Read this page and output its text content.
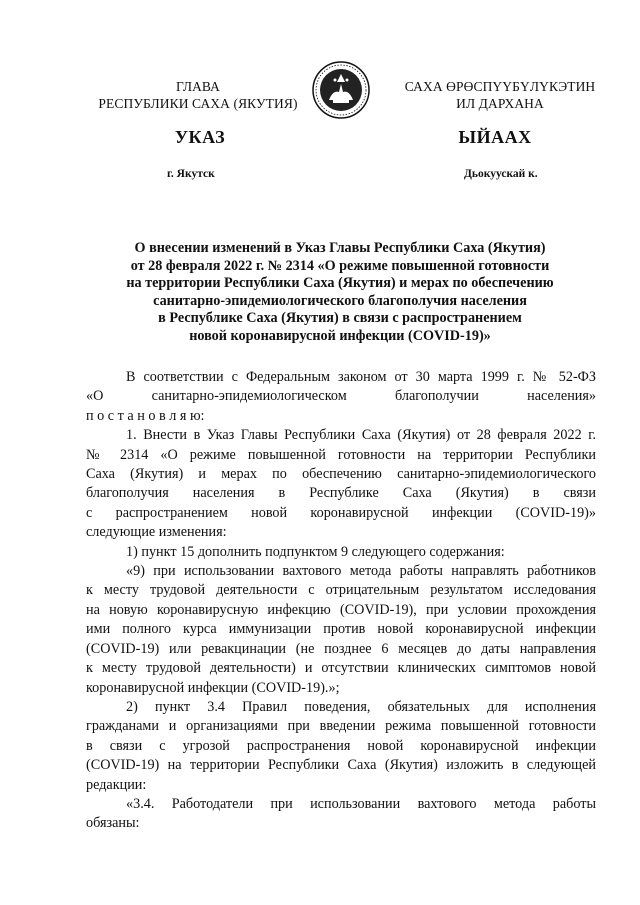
ГЛАВА
РЕСПУБЛИКИ САХА (ЯКУТИЯ)
САХА ӨРӨСПҮҮБҮЛҮКЭТИН
ИЛ ДАРХАНА
УКАЗ	ЫЙААХ
г. Якутск	Дьокуускай к.
О внесении изменений в Указ Главы Республики Саха (Якутия)
от 28 февраля 2022 г. № 2314 «О режиме повышенной готовности
на территории Республики Саха (Якутия) и мерах по обеспечению
санитарно-эпидемиологического благополучия населения
в Республике Саха (Якутия) в связи с распространением
новой коронавирусной инфекции (COVID-19)»
В соответствии с Федеральным законом от 30 марта 1999 г. № 52-ФЗ
«О санитарно-эпидемиологическом благополучии населения»
п о с т а н о в л я ю:
1. Внести в Указ Главы Республики Саха (Якутия) от 28 февраля 2022 г.
№ 2314 «О режиме повышенной готовности на территории Республики
Саха (Якутия) и мерах по обеспечению санитарно-эпидемиологического
благополучия населения в Республике Саха (Якутия) в связи
с распространением новой коронавирусной инфекции (COVID-19)»
следующие изменения:
1) пункт 15 дополнить подпунктом 9 следующего содержания:
«9) при использовании вахтового метода работы направлять работников
к месту трудовой деятельности с отрицательным результатом исследования
на новую коронавирусную инфекцию (COVID-19), при условии прохождения
ими полного курса иммунизации против новой коронавирусной инфекции
(COVID-19) или ревакцинации (не позднее 6 месяцев до даты направления
к месту трудовой деятельности) и отсутствии клинических симптомов новой
коронавирусной инфекции (COVID-19).»;
2) пункт 3.4 Правил поведения, обязательных для исполнения
гражданами и организациями при введении режима повышенной готовности
в связи с угрозой распространения новой коронавирусной инфекции
(COVID-19) на территории Республики Саха (Якутия) изложить в следующей
редакции:
«3.4. Работодатели при использовании вахтового метода работы
обязаны:
